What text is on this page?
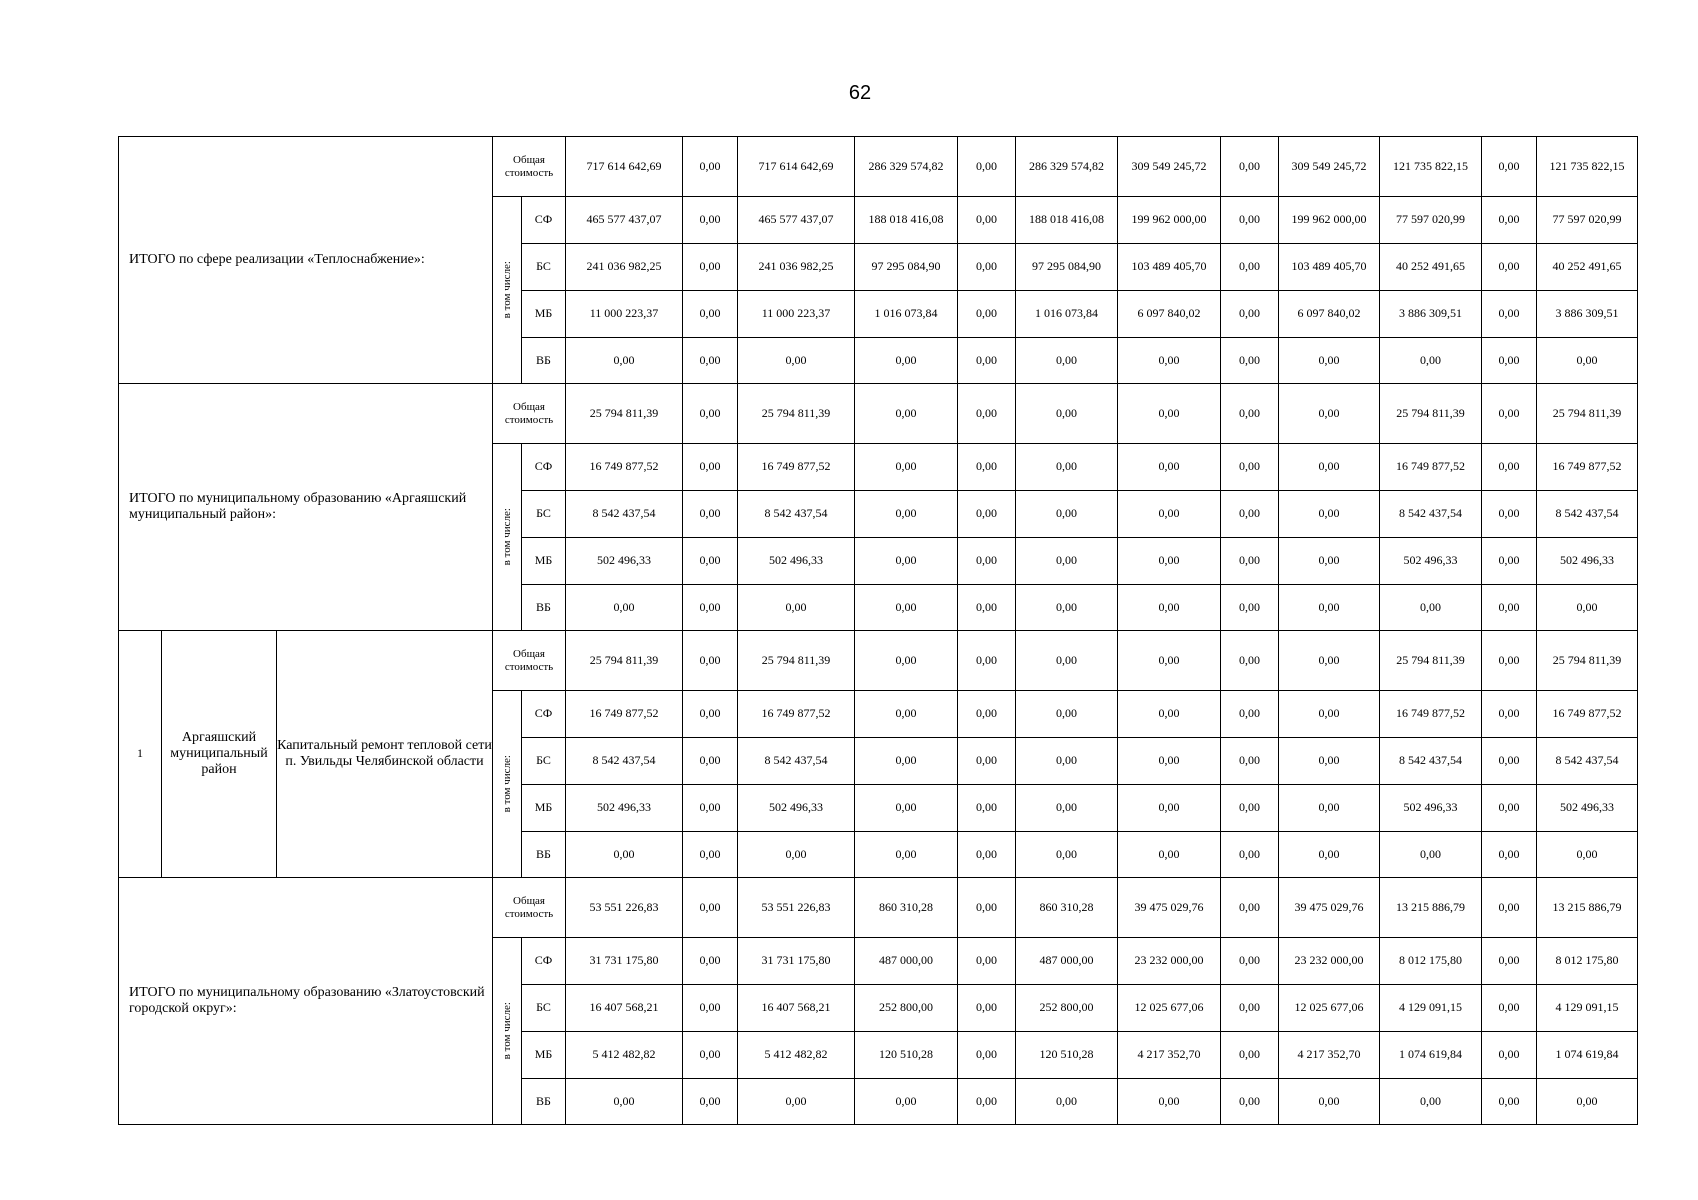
62
ИТОГО по сфере реализации «Теплоснабжение»:			Общая стоимость		717 614 642,69	0,00	717 614 642,69	286 329 574,82	0,00	286 329 574,82	309 549 245,72	0,00	309 549 245,72	121 735 822,15	0,00	121 735 822,15

			в том числе:	СФ	465 577 437,07	0,00	465 577 437,07	188 018 416,08	0,00	188 018 416,08	199 962 000,00	0,00	199 962 000,00	77 597 020,99	0,00	77 597 020,99
				БС	241 036 982,25	0,00	241 036 982,25	97 295 084,90	0,00	97 295 084,90	103 489 405,70	0,00	103 489 405,70	40 252 491,65	0,00	40 252 491,65
				МБ	11 000 223,37	0,00	11 000 223,37	1 016 073,84	0,00	1 016 073,84	6 097 840,02	0,00	6 097 840,02	3 886 309,51	0,00	3 886 309,51
				ВБ	0,00	0,00	0,00	0,00	0,00	0,00	0,00	0,00	0,00	0,00	0,00	0,00
ИТОГО по муниципальному образованию «Аргаяшский муниципальный район»:			Общая стоимость		25 794 811,39	0,00	25 794 811,39	0,00	0,00	0,00	0,00	0,00	0,00	25 794 811,39	0,00	25 794 811,39

			в том числе:	СФ	16 749 877,52	0,00	16 749 877,52	0,00	0,00	0,00	0,00	0,00	0,00	16 749 877,52	0,00	16 749 877,52
				БС	8 542 437,54	0,00	8 542 437,54	0,00	0,00	0,00	0,00	0,00	0,00	8 542 437,54	0,00	8 542 437,54
				МБ	502 496,33	0,00	502 496,33	0,00	0,00	0,00	0,00	0,00	0,00	502 496,33	0,00	502 496,33
				ВБ	0,00	0,00	0,00	0,00	0,00	0,00	0,00	0,00	0,00	0,00	0,00	0,00
1	Аргаяшский муниципальный район	Капитальный ремонт тепловой сети п. Увильды Челябинской области	Общая стоимость		25 794 811,39	0,00	25 794 811,39	0,00	0,00	0,00	0,00	0,00	0,00	25 794 811,39	0,00	25 794 811,39

			в том числе:	СФ	16 749 877,52	0,00	16 749 877,52	0,00	0,00	0,00	0,00	0,00	0,00	16 749 877,52	0,00	16 749 877,52
				БС	8 542 437,54	0,00	8 542 437,54	0,00	0,00	0,00	0,00	0,00	0,00	8 542 437,54	0,00	8 542 437,54
				МБ	502 496,33	0,00	502 496,33	0,00	0,00	0,00	0,00	0,00	0,00	502 496,33	0,00	502 496,33
				ВБ	0,00	0,00	0,00	0,00	0,00	0,00	0,00	0,00	0,00	0,00	0,00	0,00
ИТОГО по муниципальному образованию «Златоустовский городской округ»:			Общая стоимость		53 551 226,83	0,00	53 551 226,83	860 310,28	0,00	860 310,28	39 475 029,76	0,00	39 475 029,76	13 215 886,79	0,00	13 215 886,79

			в том числе:	СФ	31 731 175,80	0,00	31 731 175,80	487 000,00	0,00	487 000,00	23 232 000,00	0,00	23 232 000,00	8 012 175,80	0,00	8 012 175,80
				БС	16 407 568,21	0,00	16 407 568,21	252 800,00	0,00	252 800,00	12 025 677,06	0,00	12 025 677,06	4 129 091,15	0,00	4 129 091,15
				МБ	5 412 482,82	0,00	5 412 482,82	120 510,28	0,00	120 510,28	4 217 352,70	0,00	4 217 352,70	1 074 619,84	0,00	1 074 619,84
				ВБ	0,00	0,00	0,00	0,00	0,00	0,00	0,00	0,00	0,00	0,00	0,00	0,00
